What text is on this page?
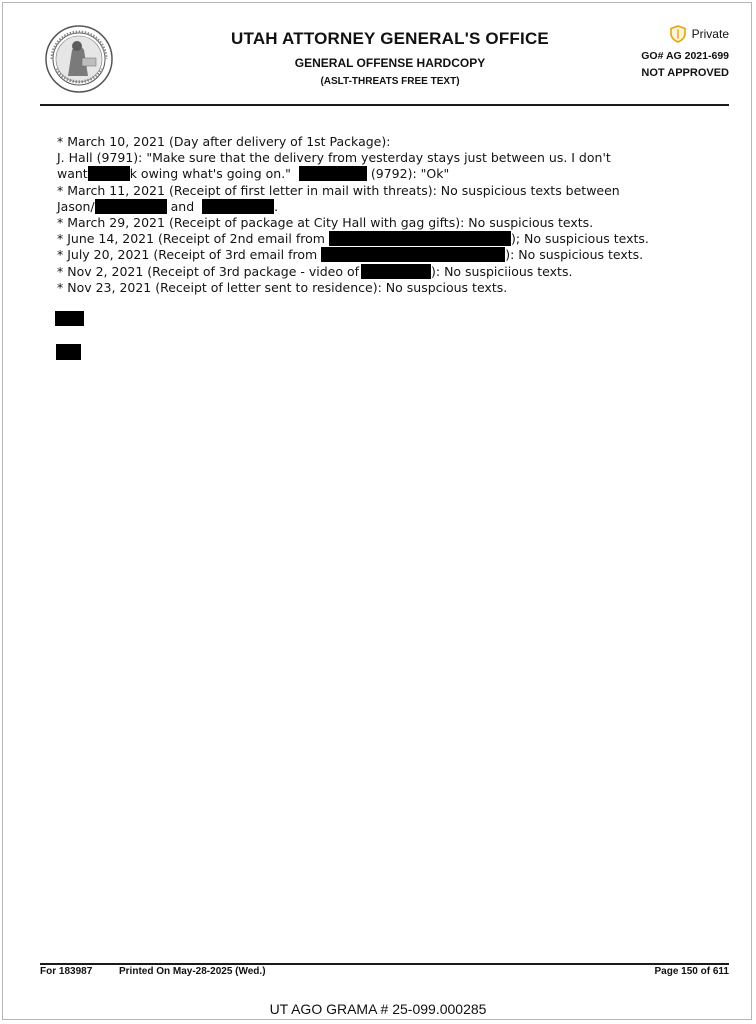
UTAH ATTORNEY GENERAL'S OFFICE
GENERAL OFFENSE HARDCOPY
(ASLT-THREATS FREE TEXT)
Private
GO# AG 2021-699
NOT APPROVED
* March 10, 2021 (Day after delivery of 1st Package):
J. Hall (9791): "Make sure that the delivery from yesterday stays just between us. I don't
want	k owing what's going on."	(9792): "Ok"
* March 11, 2021 (Receipt of first letter in mail with threats): No suspicious texts between
Jason/	and	.
* March 29, 2021 (Receipt of package at City Hall with gag gifts): No suspicious texts.
* June 14, 2021 (Receipt of 2nd email from	); No suspicious texts.
* July 20, 2021 (Receipt of 3rd email from	): No suspicious texts.
* Nov 2, 2021 (Receipt of 3rd package - video of	): No suspiciious texts.
* Nov 23, 2021 (Receipt of letter sent to residence): No suspcious texts.
For 183987	Printed On May-28-2025 (Wed.)	Page 150 of 611
UT AGO GRAMA # 25-099.000285
